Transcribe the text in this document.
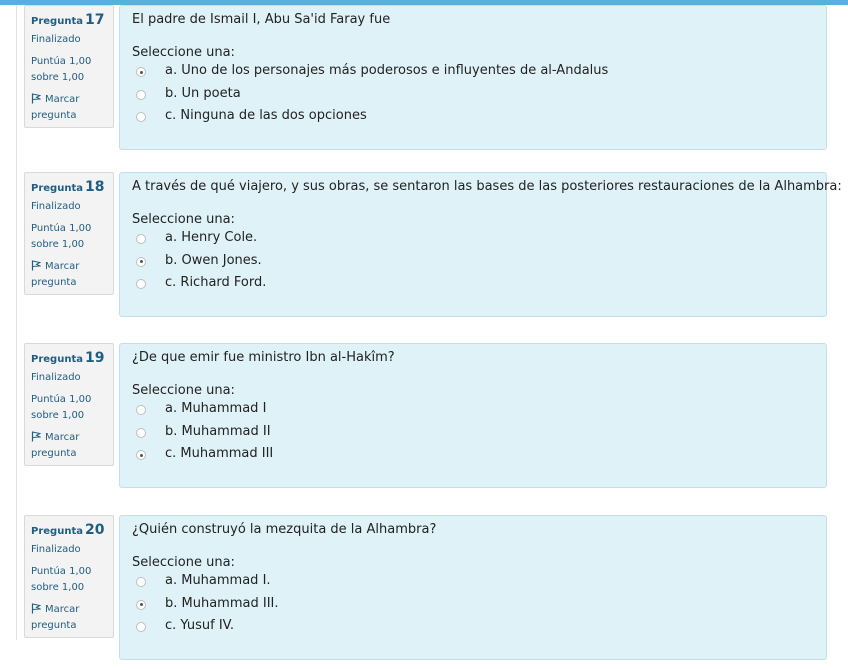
Pregunta 17
Finalizado
Puntúa 1,00
sobre 1,00
Marcar
pregunta
El padre de Ismail I, Abu Sa'id Faray fue
Seleccione una:
a. Uno de los personajes más poderosos e influyentes de al-Andalus
b. Un poeta
c. Ninguna de las dos opciones
Pregunta 18
Finalizado
Puntúa 1,00
sobre 1,00
Marcar
pregunta
A través de qué viajero, y sus obras, se sentaron las bases de las posteriores restauraciones de la Alhambra:
Seleccione una:
a. Henry Cole.
b. Owen Jones.
c. Richard Ford.
Pregunta 19
Finalizado
Puntúa 1,00
sobre 1,00
Marcar
pregunta
¿De que emir fue ministro Ibn al-Hakîm?
Seleccione una:
a. Muhammad I
b. Muhammad II
c. Muhammad III
Pregunta 20
Finalizado
Puntúa 1,00
sobre 1,00
Marcar
pregunta
¿Quién construyó la mezquita de la Alhambra?
Seleccione una:
a. Muhammad I.
b. Muhammad III.
c. Yusuf IV.
